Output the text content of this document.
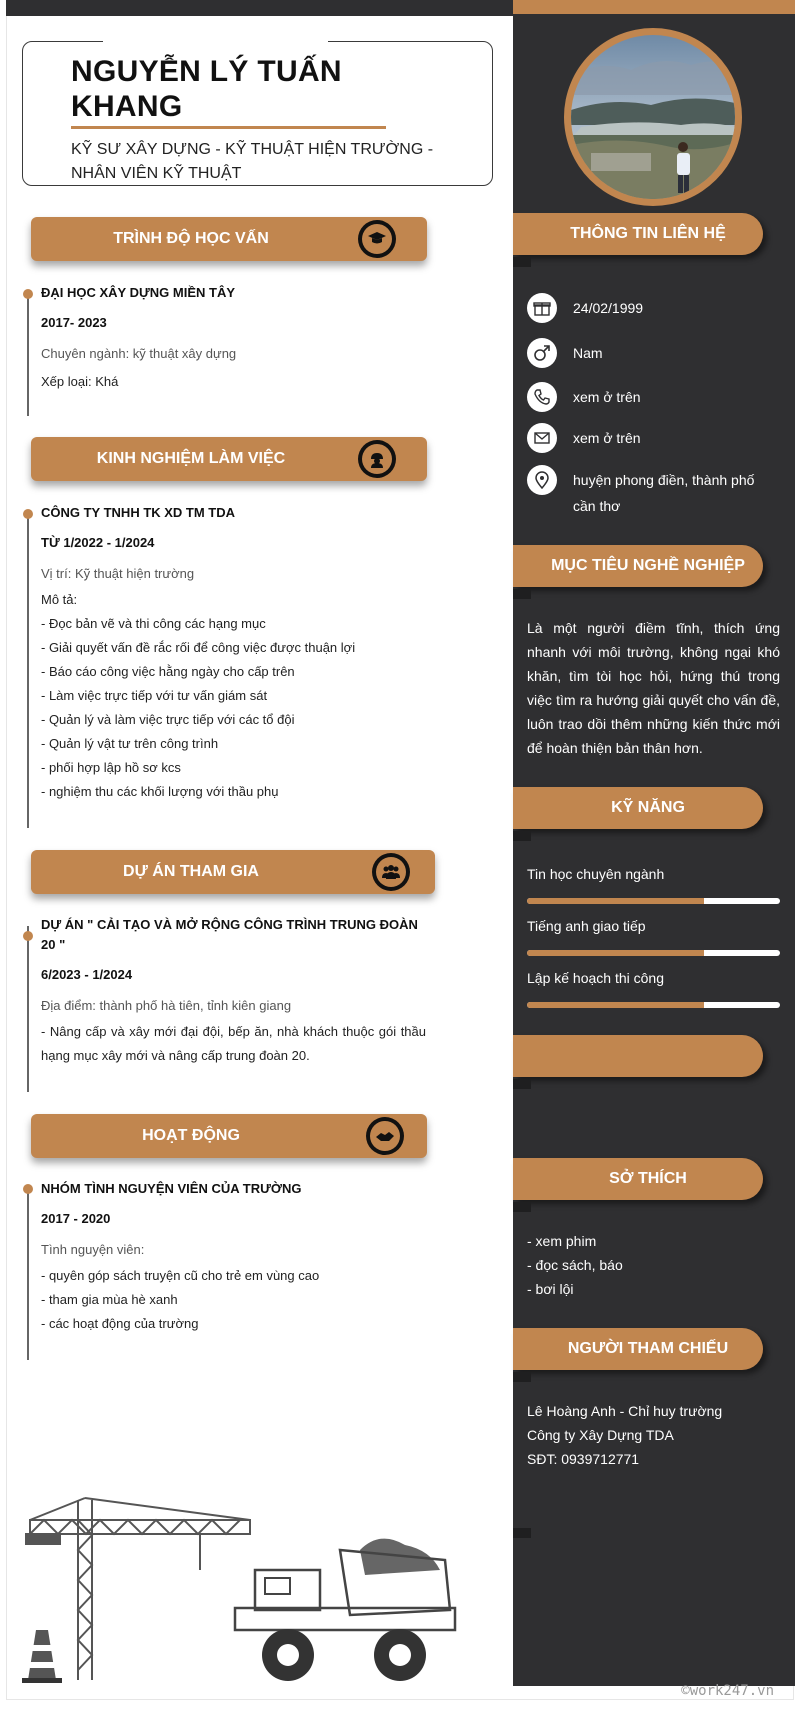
NGUYỄN LÝ TUẤN KHANG
KỸ SƯ XÂY DỰNG - KỸ THUẬT HIỆN TRƯỜNG - NHÂN VIÊN KỸ THUẬT
THÔNG TIN LIÊN HỆ
24/02/1999
Nam
xem ở trên
xem ở trên
huyện phong điền, thành phố cần thơ
MỤC TIÊU NGHỀ NGHIỆP
Là một người điềm tĩnh, thích ứng nhanh với môi trường, không ngại khó khăn, tìm tòi học hỏi, hứng thú trong việc tìm ra hướng giải quyết cho vấn đề, luôn trao dồi thêm những kiến thức mới để hoàn thiện bản thân hơn.
KỸ NĂNG
Tin học chuyên ngành
Tiếng anh giao tiếp
Lập kế hoạch thi công
SỞ THÍCH
- xem phim
- đọc sách, báo
- bơi lội
NGƯỜI THAM CHIẾU
Lê Hoàng Anh - Chỉ huy trường
Công ty Xây Dựng TDA
SĐT: 0939712771
TRÌNH ĐỘ HỌC VẤN
ĐẠI HỌC XÂY DỰNG MIỀN TÂY
2017- 2023
Chuyên ngành: kỹ thuật xây dựng
Xếp loại: Khá
KINH NGHIỆM LÀM VIỆC
CÔNG TY TNHH TK XD TM TDA
TỪ 1/2022 - 1/2024
Vị trí: Kỹ thuật hiện trường
Mô tả:
- Đọc bản vẽ và thi công các hạng mục
- Giải quyết vấn đề rắc rối để công việc được thuận lợi
- Báo cáo công việc hằng ngày cho cấp trên
- Làm việc trực tiếp với tư vấn giám sát
- Quản lý và làm việc trực tiếp với các tổ đội
- Quản lý vật tư trên công trình
- phối hợp lập hồ sơ kcs
- nghiệm thu các khối lượng với thầu phụ
DỰ ÁN THAM GIA
DỰ ÁN " CẢI TẠO VÀ MỞ RỘNG CÔNG TRÌNH TRUNG ĐOÀN 20 "
6/2023 - 1/2024
Địa điểm: thành phố hà tiên, tỉnh kiên giang
- Nâng cấp và xây mới đại đội, bếp ăn, nhà khách thuộc gói thầu hạng mục xây mới và nâng cấp trung đoàn 20.
HOẠT ĐỘNG
NHÓM TÌNH NGUYỆN VIÊN CỦA TRƯỜNG
2017 - 2020
Tình nguyện viên:
- quyên góp sách truyện cũ cho trẻ em vùng cao
- tham gia mùa hè xanh
- các hoạt động của trường
©work247.vn
